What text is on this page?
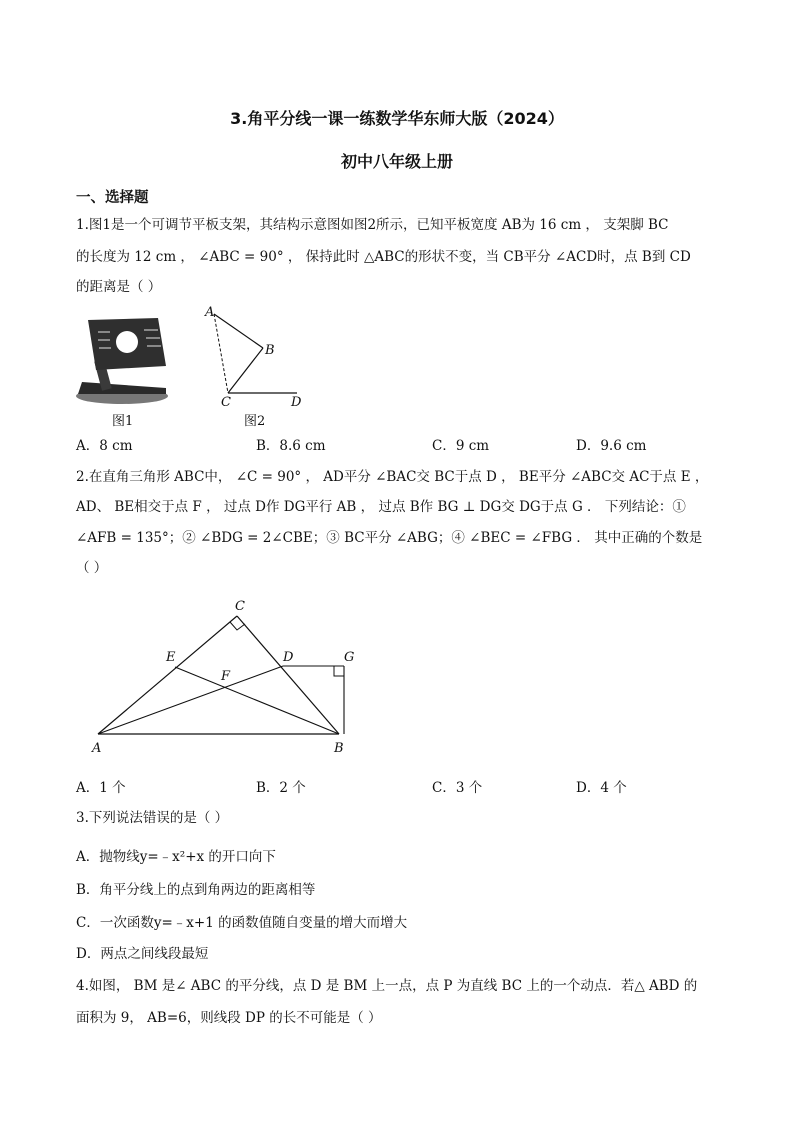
3.角平分线一课一练数学华东师大版（2024）
初中八年级上册
一、选择题
1.图1是一个可调节平板支架，其结构示意图如图2所示，已知平板宽度 AB为 16 cm ， 支架脚 BC
的长度为 12 cm ， ∠ABC = 90° ， 保持此时 △ABC的形状不变，当 CB平分 ∠ACD时，点 B到 CD
的距离是（ ）
图1
A
B
C	D
图2
A．8 cm	B．8.6 cm	C．9 cm	D．9.6 cm
2.在直角三角形 ABC中， ∠C = 90° ， AD平分 ∠BAC交 BC于点 D ， BE平分 ∠ABC交 AC于点 E ，
AD、 BE相交于点 F ， 过点 D作 DG平行 AB ， 过点 B作 BG ⊥ DG交 DG于点 G ． 下列结论：①
∠AFB = 135°；② ∠BDG = 2∠CBE；③ BC平分 ∠ABG；④ ∠BEC = ∠FBG ． 其中正确的个数是
（ ）
C
E	D	G
F
A	B
A．1 个	B．2 个	C．3 个	D．4 个
3.下列说法错误的是（ ）
A．抛物线y=﹣x²+x 的开口向下
B．角平分线上的点到角两边的距离相等
C．一次函数y=﹣x+1 的函数值随自变量的增大而增大
D．两点之间线段最短
4.如图， BM 是∠ ABC 的平分线，点 D 是 BM 上一点，点 P 为直线 BC 上的一个动点．若△ ABD 的
面积为 9， AB=6，则线段 DP 的长不可能是（ ）
